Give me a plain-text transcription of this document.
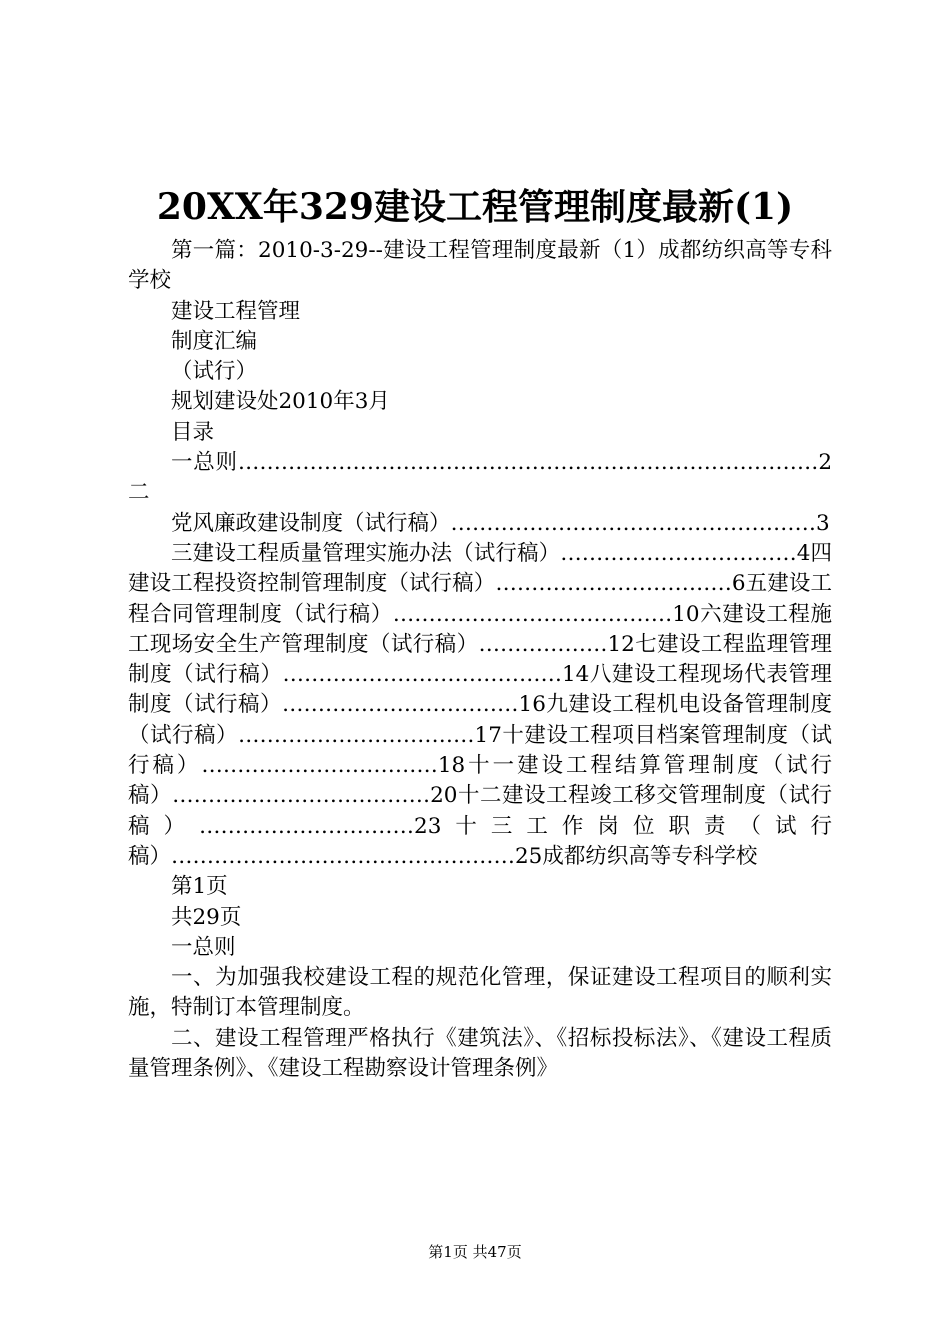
20XX年329建设工程管理制度最新(1)

第一篇：2010-3-29--建设工程管理制度最新（1）成都纺织高等专科学校

建设工程管理

制度汇编

（试行）

规划建设处2010年3月

目录

一总则………………………………………………………………………2二

党风廉政建设制度（试行稿）……………………………………………3

三建设工程质量管理实施办法（试行稿）……………………………4四建设工程投资控制管理制度（试行稿）……………………………6五建设工程合同管理制度（试行稿）…………………………………10六建设工程施工现场安全生产管理制度（试行稿）………………12七建设工程监理管理制度（试行稿）…………………………………14八建设工程现场代表管理制度（试行稿）……………………………16九建设工程机电设备管理制度（试行稿）……………………………17十建设工程项目档案管理制度（试行稿）……………………………18十一建设工程结算管理制度（试行稿）………………………………20十二建设工程竣工移交管理制度（试行稿）…………………………23十三工作岗位职责（试行稿）…………………………………………25成都纺织高等专科学校

第1页

共29页

一总则

一、为加强我校建设工程的规范化管理，保证建设工程项目的顺利实施，特制订本管理制度。

二、建设工程管理严格执行《建筑法》、《招标投标法》、《建设工程质量管理条例》、《建设工程勘察设计管理条例》

第1页 共47页
